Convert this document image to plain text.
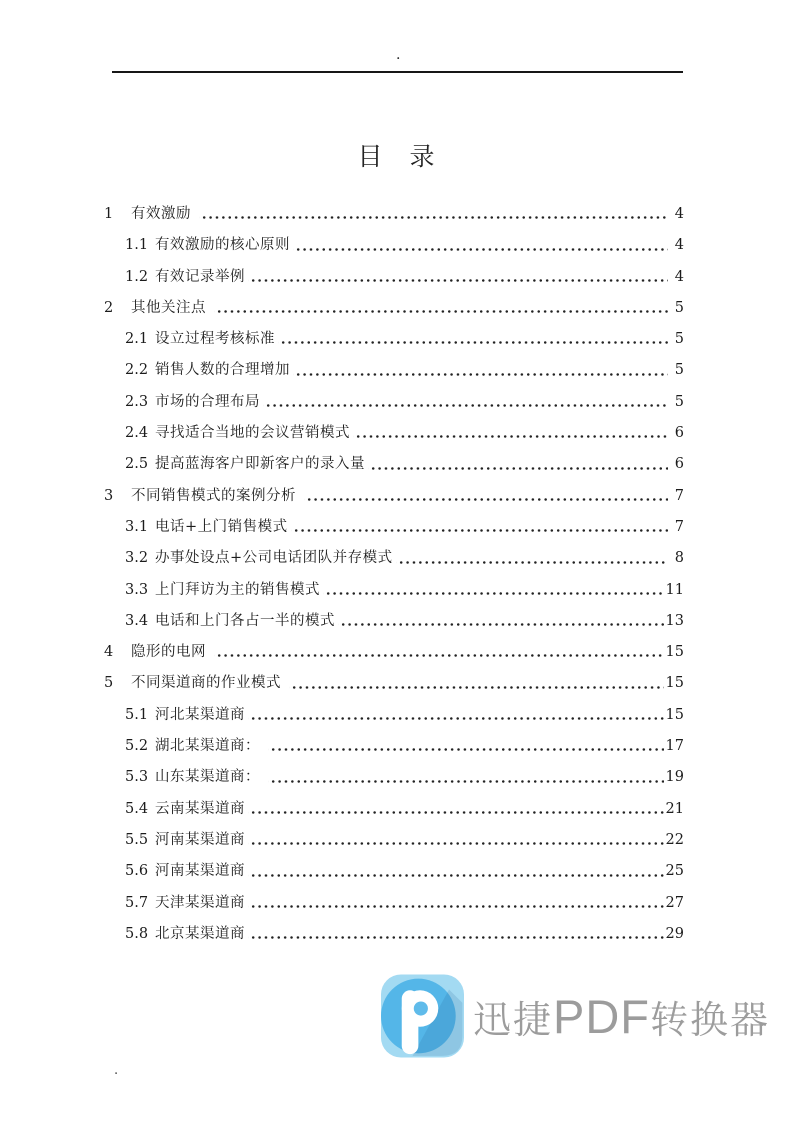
.
目　录
1	有效激励	4
1.1 有效激励的核心原则	4
1.2 有效记录举例	4
2	其他关注点	5
2.1 设立过程考核标准	5
2.2 销售人数的合理增加	5
2.3 市场的合理布局	5
2.4 寻找适合当地的会议营销模式	6
2.5 提高蓝海客户即新客户的录入量	6
3	不同销售模式的案例分析	7
3.1 电话+上门销售模式	7
3.2 办事处设点+公司电话团队并存模式	8
3.3 上门拜访为主的销售模式	11
3.4 电话和上门各占一半的模式	13
4	隐形的电网	15
5	不同渠道商的作业模式	15
5.1 河北某渠道商	15
5.2 湖北某渠道商：	17
5.3 山东某渠道商：	19
5.4 云南某渠道商	21
5.5 河南某渠道商	22
5.6 河南某渠道商	25
5.7 天津某渠道商	27
5.8 北京某渠道商	29
迅捷PDF转换器
.
